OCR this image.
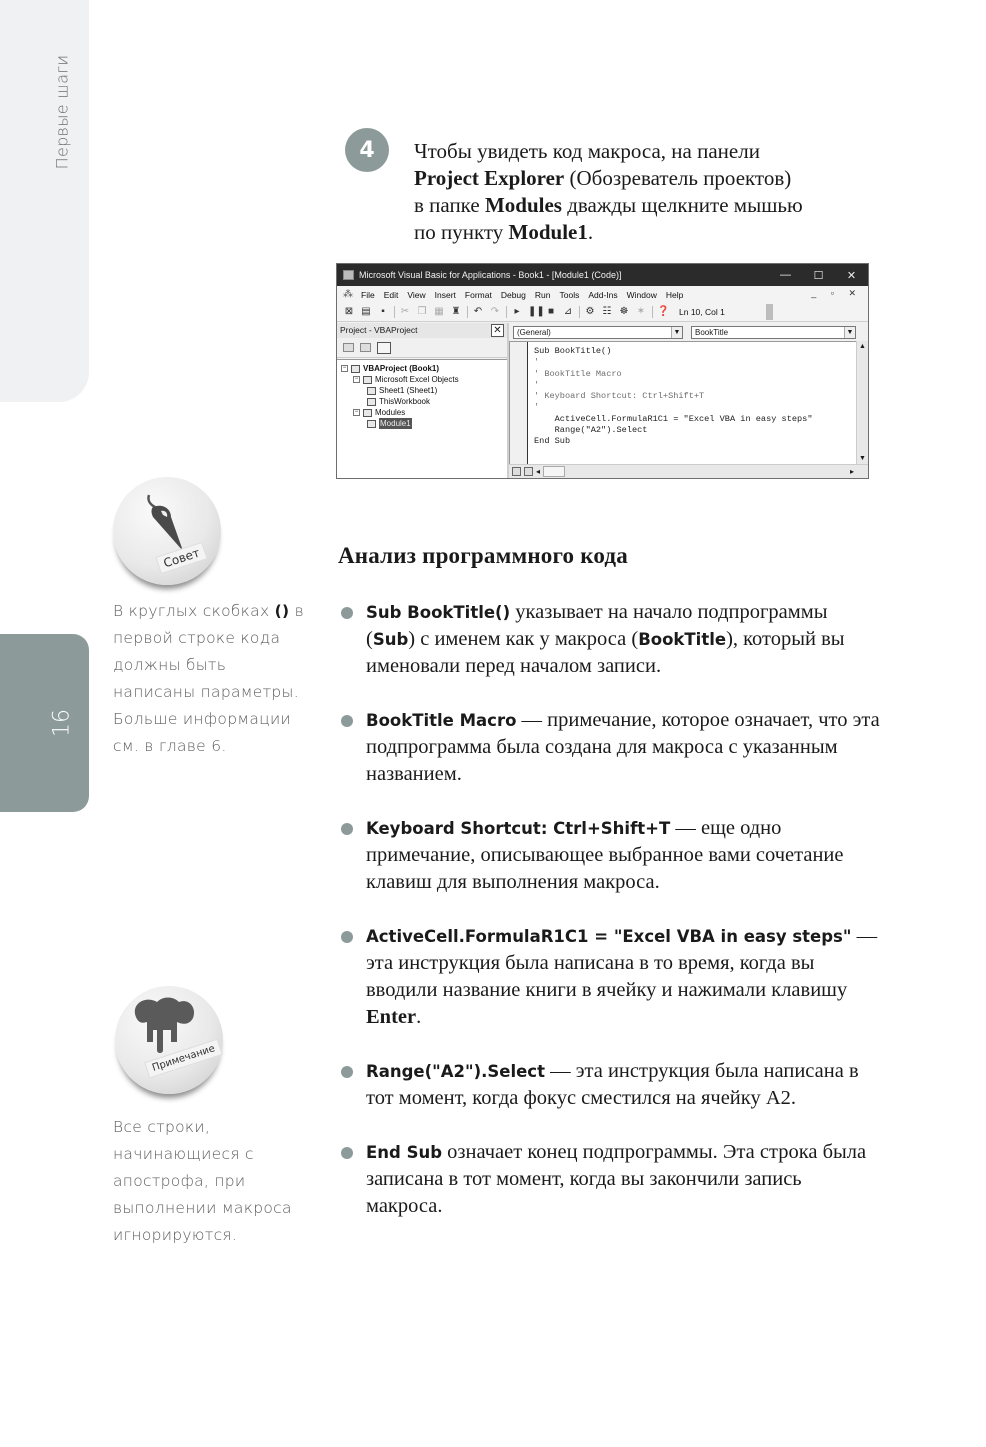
Первые шаги
16
4	Чтобы увидеть код макроса, на панели
Project Explorer (Обозреватель проектов)
в папке Modules дважды щелкните мышью
по пункту Module1.
Microsoft Visual Basic for Applications - Book1 - [Module1 (Code)]	—	☐	✕
⁂ File Edit View Insert Format Debug Run Tools Add-Ins Window Help	_ ▫ ✕
⊠ ▤	▪	✂ ❐ ▦ ♜ ↶ ↷	▸ ❚❚ ■ ⊿ ⚙ ☷ ☸ ✶ ❓	Ln 10, Col 1
Project - VBAProject	✕
− VBAProject (Book1)
− Microsoft Excel Objects
Sheet1 (Sheet1)
ThisWorkbook
− Modules
Module1
(General)	▼	BookTitle	▼
Sub BookTitle()
'
' BookTitle Macro
'
' Keyboard Shortcut: Ctrl+Shift+T
'
ActiveCell.FormulaR1C1 = "Excel VBA in easy steps"
Range("A2").Select
End Sub
▲
▼
◂	▸
Анализ программного кода
Sub BookTitle() указывает на начало подпрограммы (Sub) с именем как у макроса (BookTitle), который вы именовали перед началом записи.
BookTitle Macro — примечание, которое означает, что эта подпрограмма была создана для макроса с указанным названием.
Keyboard Shortcut: Ctrl+Shift+T — еще одно примечание, описывающее выбранное вами сочетание клавиш для выполнения макроса.
ActiveCell.FormulaR1C1 = "Excel VBA in easy steps" — эта инструкция была написана в то время, когда вы вводили название книги в ячейку и нажимали клавишу Enter.
Range("A2").Select — эта инструкция была написана в тот момент, когда фокус сместился на ячейку A2.
End Sub означает конец подпрограммы. Эта строка была записана в тот момент, когда вы закончили запись макроса.
Совет
В круглых скобках () в первой строке кода должны быть написаны параметры. Больше информации см. в главе 6.
Примечание
Все строки, начинающиеся с апострофа, при выполнении макроса игнорируются.
